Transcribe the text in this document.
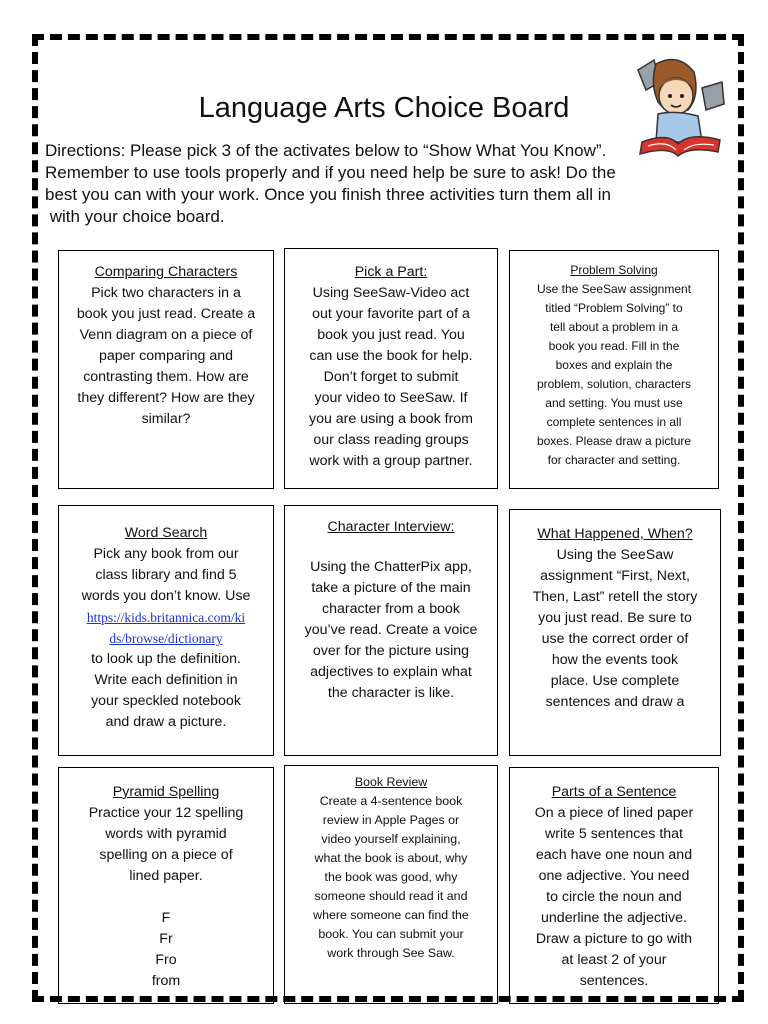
Language Arts Choice Board
Directions: Please pick 3 of the activates below to “Show What You Know”.
Remember to use tools properly and if you need help be sure to ask! Do the
best you can with your work. Once you finish three activities turn them all in
with your choice board.
Comparing Characters
Pick two characters in a
book you just read. Create a
Venn diagram on a piece of
paper comparing and
contrasting them. How are
they different? How are they
similar?
Pick a Part:
Using SeeSaw-Video act
out your favorite part of a
book you just read. You
can use the book for help.
Don’t forget to submit
your video to SeeSaw. If
you are using a book from
our class reading groups
work with a group partner.
Problem Solving
Use the SeeSaw assignment
titled “Problem Solving” to
tell about a problem in a
book you read. Fill in the
boxes and explain the
problem, solution, characters
and setting. You must use
complete sentences in all
boxes. Please draw a picture
for character and setting.
Word Search
Pick any book from our
class library and find 5
words you don’t know. Use
https://kids.britannica.com/ki
ds/browse/dictionary
to look up the definition.
Write each definition in
your speckled notebook
and draw a picture.
Character Interview:
Using the ChatterPix app,
take a picture of the main
character from a book
you’ve read. Create a voice
over for the picture using
adjectives to explain what
the character is like.
What Happened, When?
Using the SeeSaw
assignment “First, Next,
Then, Last” retell the story
you just read. Be sure to
use the correct order of
how the events took
place. Use complete
sentences and draw a
Pyramid Spelling
Practice your 12 spelling
words with pyramid
spelling on a piece of
lined paper.
F
Fr
Fro
from
Book Review
Create a 4-sentence book
review in Apple Pages or
video yourself explaining,
what the book is about, why
the book was good, why
someone should read it and
where someone can find the
book. You can submit your
work through See Saw.
Parts of a Sentence
On a piece of lined paper
write 5 sentences that
each have one noun and
one adjective. You need
to circle the noun and
underline the adjective.
Draw a picture to go with
at least 2 of your
sentences.
